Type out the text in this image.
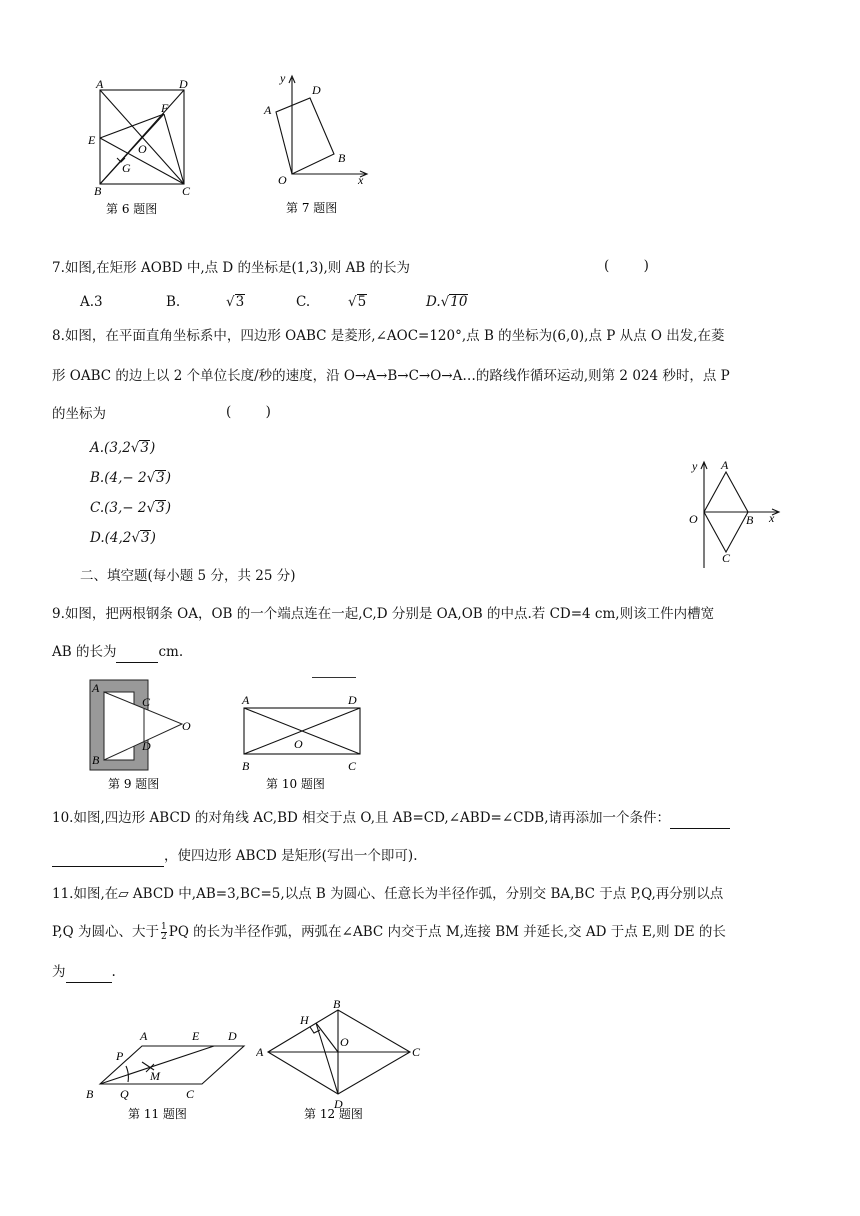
A	D
E
F
O
G
B	C
第 6 题图
y
x
A
D
B
O
第 7 题图
7.如图,在矩形 AOBD 中,点 D 的坐标是(1,3),则 AB 的长为	(        )
A.3	B.	√3	C.	√5	D.√10
8.如图，在平面直角坐标系中，四边形 OABC 是菱形,∠AOC=120°,点 B 的坐标为(6,0),点 P 从点 O 出发,在菱
形 OABC 的边上以 2 个单位长度/秒的速度，沿 O→A→B→C→O→A…的路线作循环运动,则第 2 024 秒时，点 P
的坐标为	(        )
A.(3,2√3)
B.(4,− 2√3)
C.(3,− 2√3)
D.(4,2√3)
y A
O	B x
C
二、填空题(每小题 5 分，共 25 分)
9.如图，把两根钢条 OA，OB 的一个端点连在一起,C,D 分别是 OA,OB 的中点.若 CD=4 cm,则该工件内槽宽
AB 的长为	cm.
A
C
O
D
B
第 9 题图
A	D
O
B	C
第 10 题图
10.如图,四边形 ABCD 的对角线 AC,BD 相交于点 O,且 AB=CD,∠ABD=∠CDB,请再添加一个条件：
，使四边形 ABCD 是矩形(写出一个即可).
11.如图,在▱ ABCD 中,AB=3,BC=5,以点 B 为圆心、任意长为半径作弧，分别交 BA,BC 于点 P,Q,再分别以点
P,Q 为圆心、大于 $\frac{1}{2}$ PQ 的长为半径作弧，两弧在∠ABC 内交于点 M,连接 BM 并延长,交 AD 于点 E,则 DE 的长
为	.
A	E D
P
M
B Q	C
第 11 题图
B
H
A
O
C
D
第 12 题图
